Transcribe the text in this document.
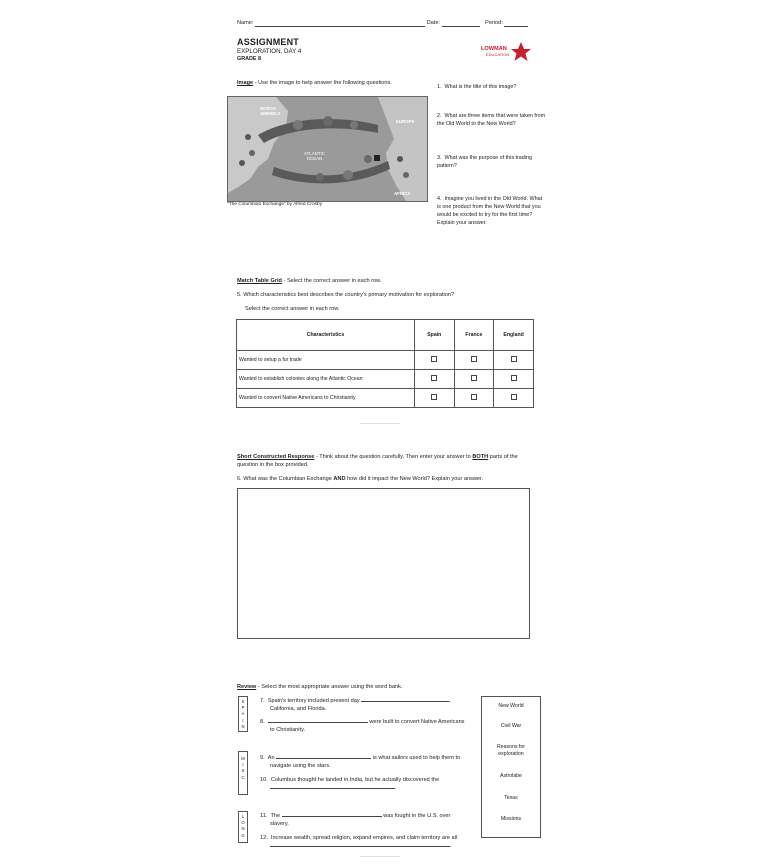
Name:	Date:	Period:
ASSIGNMENT
EXPLORATION, DAY 4
GRADE 8
LOWMAN
EDUCATION
Image - Use the image to help answer the following questions.
NORTH
AMERICA
EUROPE
ATLANTIC
OCEAN
AFRICA
"The Columbian Exchange" by Alfred Crosby
1. What is the title of this image?
2. What are three items that were taken from the Old World to the New World?
3. What was the purpose of this trading pattern?
4. Imagine you lived in the Old World. What is one product from the New World that you would be excited to try for the first time? Explain your answer.
Match Table Grid - Select the correct answer in each row.
5. Which characteristics best describes the country's primary motivation for exploration?
Select the correct answer in each row.
Characteristics	Spain	France	England
Wanted to setup a fur trade			
Wanted to establish colonies along the Atlantic Ocean			
Wanted to convert Native Americans to Christianity			
Short Constructed Response - Think about the question carefully. Then enter your answer to BOTH parts of the question in the box provided.
6. What was the Columbian Exchange AND how did it impact the New World? Explain your answer.
Review - Select the most appropriate answer using the word bank.
S
P
A
I
N
M
I
S
C
L
O
N
G
7. Spain's territory included present day	,
California, and Florida.
8.	were built to convert Native Americans
to Christianity.
9. An	is what sailors used to help them to
navigate using the stars.
10. Columbus thought he landed in India, but he actually discovered the
.
11. The	was fought in the U.S. over
slavery.
12. Increase wealth, spread religion, expand empires, and claim territory are all
.
New World
Civil War
Reasons for exploration
Astrolabe
Texas
Missions
